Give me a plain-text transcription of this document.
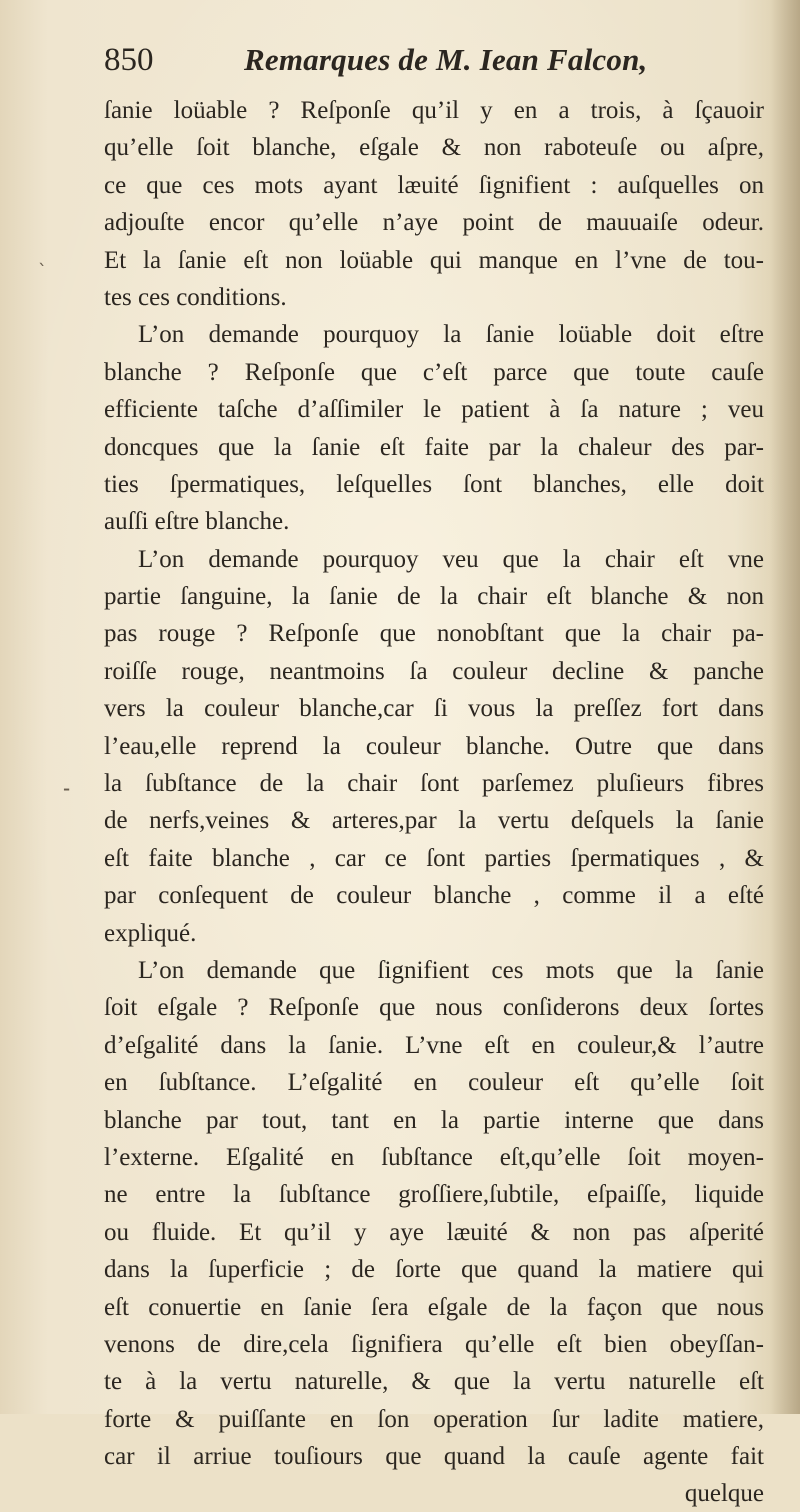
ˎ
⁃
850	Remarques de M. Iean Falcon,
ſanie loüable ? Reſponſe qu’il y en a trois, à ſçauoir
qu’elle ſoit blanche, eſgale & non raboteuſe ou aſpre,
ce que ces mots ayant læuité ſignifient : auſquelles on
adjouſte encor qu’elle n’aye point de mauuaiſe odeur.
Et la ſanie eſt non loüable qui manque en l’vne de tou-
tes ces conditions.
L’on demande pourquoy la ſanie loüable doit eſtre
blanche ? Reſponſe que c’eſt parce que toute cauſe
efficiente taſche d’aſſimiler le patient à ſa nature ; veu
doncques que la ſanie eſt faite par la chaleur des par-
ties ſpermatiques, leſquelles ſont blanches, elle doit
auſſi eſtre blanche.
L’on demande pourquoy veu que la chair eſt vne
partie ſanguine, la ſanie de la chair eſt blanche & non
pas rouge ? Reſponſe que nonobſtant que la chair pa-
roiſſe rouge, neantmoins ſa couleur decline & panche
vers la couleur blanche,car ſi vous la preſſez fort dans
l’eau,elle reprend la couleur blanche. Outre que dans
la ſubſtance de la chair ſont parſemez pluſieurs fibres
de nerfs,veines & arteres,par la vertu deſquels la ſanie
eſt faite blanche , car ce ſont parties ſpermatiques , &
par conſequent de couleur blanche , comme il a eſté
expliqué.
L’on demande que ſignifient ces mots que la ſanie
ſoit eſgale ? Reſponſe que nous conſiderons deux ſortes
d’eſgalité dans la ſanie. L’vne eſt en couleur,& l’autre
en ſubſtance. L’eſgalité en couleur eſt qu’elle ſoit
blanche par tout, tant en la partie interne que dans
l’externe. Eſgalité en ſubſtance eſt,qu’elle ſoit moyen-
ne entre la ſubſtance groſſiere,ſubtile, eſpaiſſe, liquide
ou fluide. Et qu’il y aye læuité & non pas aſperité
dans la ſuperficie ; de ſorte que quand la matiere qui
eſt conuertie en ſanie ſera eſgale de la façon que nous
venons de dire,cela ſignifiera qu’elle eſt bien obeyſſan-
te à la vertu naturelle, & que la vertu naturelle eſt
forte & puiſſante en ſon operation ſur ladite matiere,
car il arriue touſiours que quand la cauſe agente fait
quelque
